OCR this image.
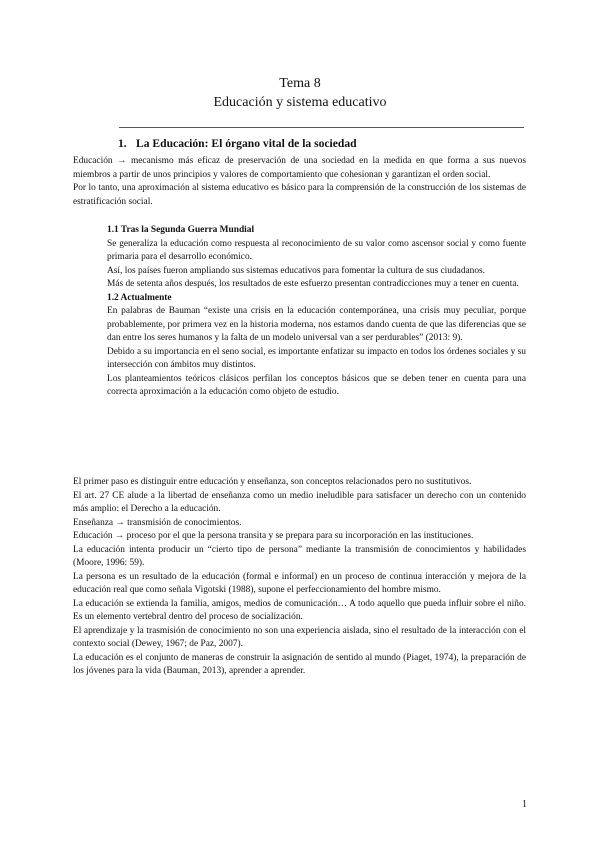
Tema 8
Educación y sistema educativo
1. La Educación: El órgano vital de la sociedad

Educación → mecanismo más eficaz de preservación de una sociedad en la medida en que forma a sus nuevos miembros a partir de unos principios y valores de comportamiento que cohesionan y garantizan el orden social.

Por lo tanto, una aproximación al sistema educativo es básico para la comprensión de la construcción de los sistemas de estratificación social.

1.1 Tras la Segunda Guerra Mundial

Se generaliza la educación como respuesta al reconocimiento de su valor como ascensor social y como fuente primaria para el desarrollo económico.

Así, los países fueron ampliando sus sistemas educativos para fomentar la cultura de sus ciudadanos.

Más de setenta años después, los resultados de este esfuerzo presentan contradicciones muy a tener en cuenta.

1.2 Actualmente

En palabras de Bauman “existe una crisis en la educación contemporánea, una crisis muy peculiar, porque probablemente, por primera vez en la historia moderna, nos estamos dando cuenta de que las diferencias que se dan entre los seres humanos y la falta de un modelo universal van a ser perdurables” (2013: 9).

Debido a su importancia en el seno social, es importante enfatizar su impacto en todos los órdenes sociales y su intersección con ámbitos muy distintos.

Los planteamientos teóricos clásicos perfilan los conceptos básicos que se deben tener en cuenta para una correcta aproximación a la educación como objeto de estudio.

El primer paso es distinguir entre educación y enseñanza, son conceptos relacionados pero no sustitutivos.

El art. 27 CE alude a la libertad de enseñanza como un medio ineludible para satisfacer un derecho con un contenido más amplio: el Derecho a la educación.

Enseñanza → transmisión de conocimientos.

Educación → proceso por el que la persona transita y se prepara para su incorporación en las instituciones.

La educación intenta producir un “cierto tipo de persona” mediante la transmisión de conocimientos y habilidades (Moore, 1996: 59).

La persona es un resultado de la educación (formal e informal) en un proceso de continua interacción y mejora de la educación real que como señala Vigotski (1988), supone el perfeccionamiento del hombre mismo.

La educación se extienda la familia, amigos, medios de comunicación… A todo aquello que pueda influir sobre el niño. Es un elemento vertebral dentro del proceso de socialización.

El aprendizaje y la trasmisión de conocimiento no son una experiencia aislada, sino el resultado de la interacción con el contexto social (Dewey, 1967; de Paz, 2007).

La educación es el conjunto de maneras de construir la asignación de sentido al mundo (Piaget, 1974), la preparación de los jóvenes para la vida (Bauman, 2013), aprender a aprender.

1
